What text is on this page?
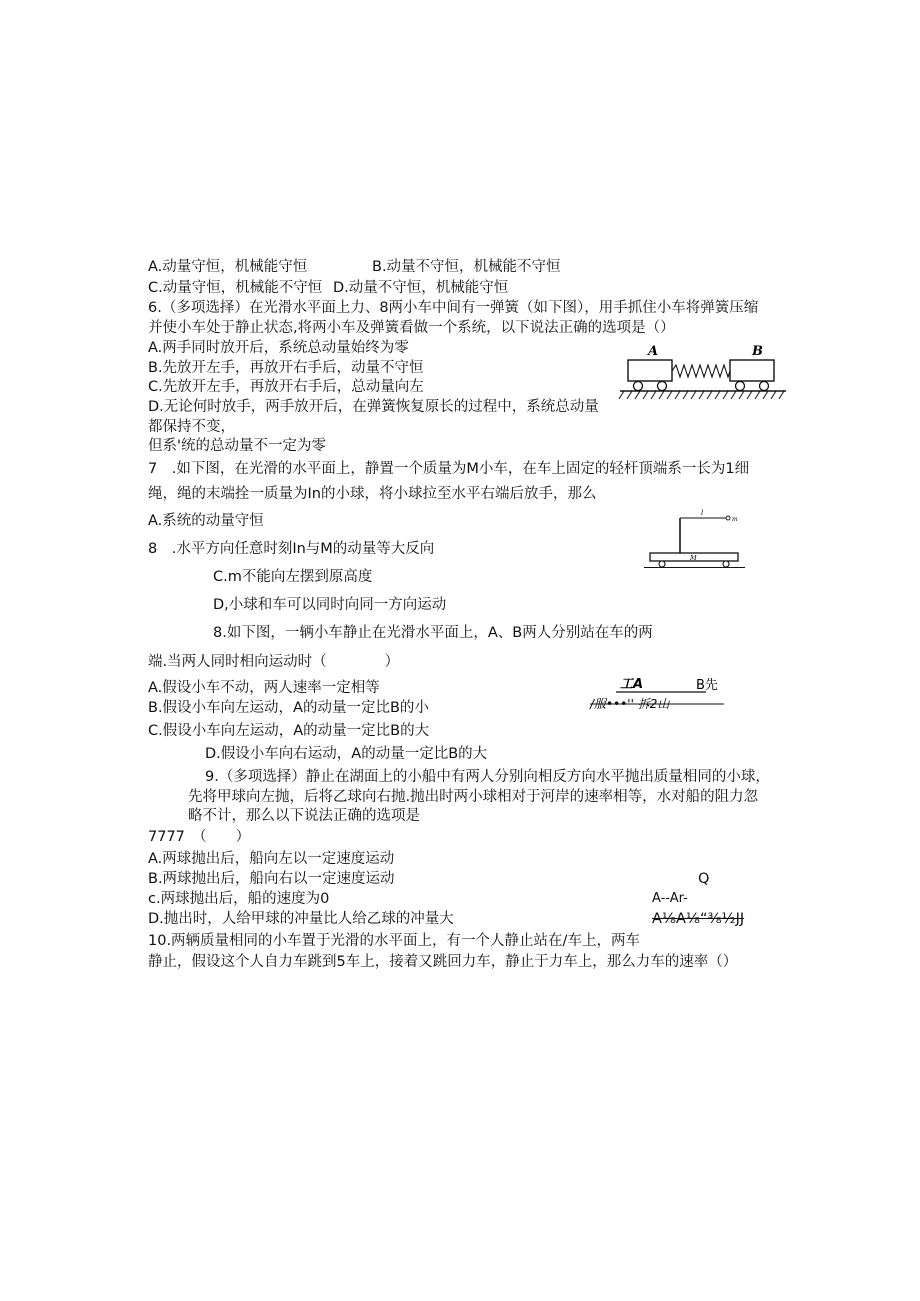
A.动量守恒，机械能守恒	B.动量不守恒，机械能不守恒
C.动量守恒，机械能不守恒 D.动量不守恒，机械能守恒
6.（多项选择）在光滑水平面上力、8两小车中间有一弹簧（如下图），用手抓住小车将弹簧压缩
并使小车处于静止状态,将两小车及弹簧看做一个系统，以下说法正确的选项是（）
A.两手同时放开后，系统总动量始终为零
B.先放开左手，再放开右手后，动量不守恒
C.先放开左手，再放开右手后，总动量向左
D.无论何时放手，两手放开后，在弹簧恢复原长的过程中，系统总动量
都保持不变，
但系'统的总动量不一定为零
A	B
7　.如下图，在光滑的水平面上，静置一个质量为M小车，在车上固定的轻杆顶端系一长为1细
绳，绳的末端拴一质量为In的小球，将小球拉至水平右端后放手，那么
A.系统的动量守恒
8　.水平方向任意时刻In与M的动量等大反向
C.m不能向左摆到原高度
D,小球和车可以同时向同一方向运动
l
m
M
8.如下图，一辆小车静止在光滑水平面上，A、B两人分别站在车的两
端.当两人同时相向运动时（　　　　）
A.假设小车不动，两人速率一定相等
B.假设小车向左运动，A的动量一定比B的小
C.假设小车向左运动，A的动量一定比B的大
D.假设小车向右运动，A的动量一定比B的大
工A	B先
/服•••'' 拆2山
9.（多项选择）静止在湖面上的小船中有两人分别向相反方向水平抛出质量相同的小球，
先将甲球向左抛，后将乙球向右抛.抛出时两小球相对于河岸的速率相等，水对船的阻力忽
略不计，那么以下说法正确的选项是
7777　（　　）
A.两球抛出后，船向左以一定速度运动
B.两球抛出后，船向右以一定速度运动
c.两球抛出后，船的速度为0
D.抛出时，人给甲球的冲量比人给乙球的冲量大
Q
A--Ar-
A⅛A⅛“⅜½JJ
10.两辆质量相同的小车置于光滑的水平面上，有一个人静止站在/车上，两车
静止，假设这个人自力车跳到5车上，接着又跳回力车，静止于力车上，那么力车的速率（）
